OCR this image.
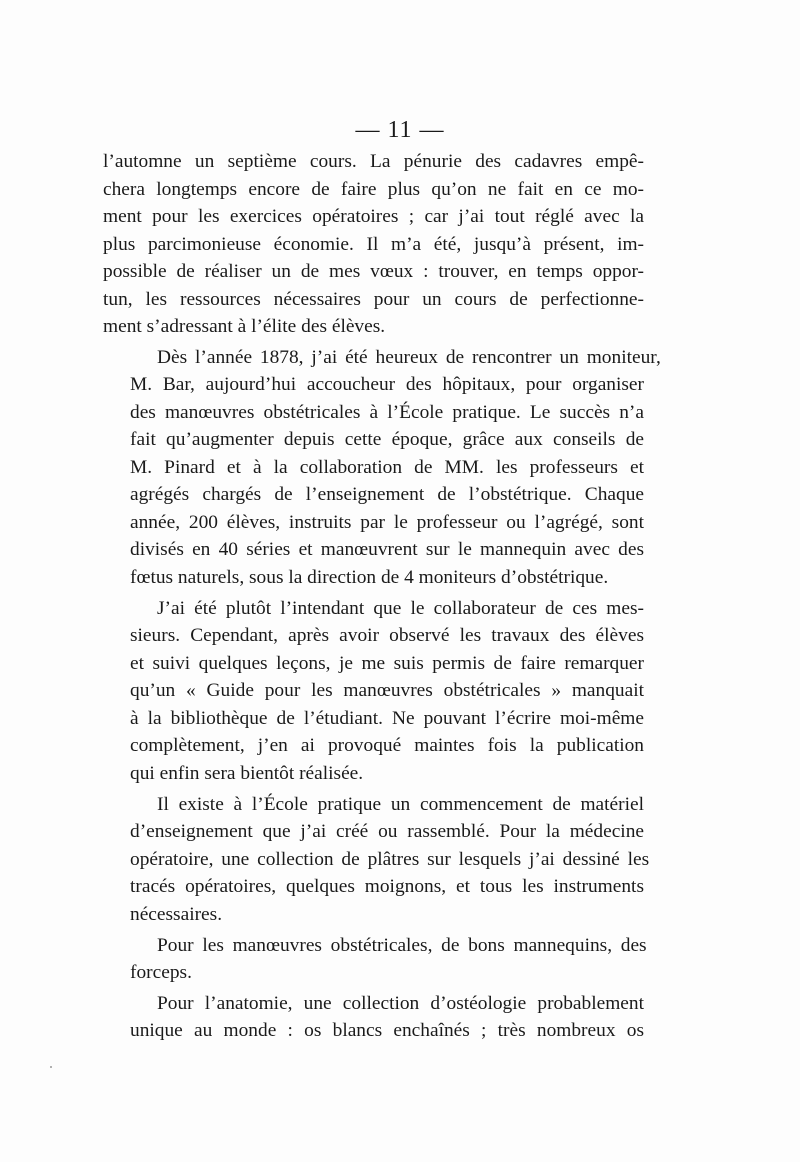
— 11 —

l’automne un septième cours. La pénurie des cadavres empê-
chera longtemps encore de faire plus qu’on ne fait en ce mo-
ment pour les exercices opératoires ; car j’ai tout réglé avec la
plus parcimonieuse économie. Il m’a été, jusqu’à présent, im-
possible de réaliser un de mes vœux : trouver, en temps oppor-
tun, les ressources nécessaires pour un cours de perfectionne-
ment s’adressant à l’élite des élèves.

Dès l’année 1878, j’ai été heureux de rencontrer un moniteur,
M. Bar, aujourd’hui accoucheur des hôpitaux, pour organiser
des manœuvres obstétricales à l’École pratique. Le succès n’a
fait qu’augmenter depuis cette époque, grâce aux conseils de
M. Pinard et à la collaboration de MM. les professeurs et
agrégés chargés de l’enseignement de l’obstétrique. Chaque
année, 200 élèves, instruits par le professeur ou l’agrégé, sont
divisés en 40 séries et manœuvrent sur le mannequin avec des
fœtus naturels, sous la direction de 4 moniteurs d’obstétrique.

J’ai été plutôt l’intendant que le collaborateur de ces mes-
sieurs. Cependant, après avoir observé les travaux des élèves
et suivi quelques leçons, je me suis permis de faire remarquer
qu’un « Guide pour les manœuvres obstétricales » manquait
à la bibliothèque de l’étudiant. Ne pouvant l’écrire moi-même
complètement, j’en ai provoqué maintes fois la publication
qui enfin sera bientôt réalisée.

Il existe à l’École pratique un commencement de matériel
d’enseignement que j’ai créé ou rassemblé. Pour la médecine
opératoire, une collection de plâtres sur lesquels j’ai dessiné les
tracés opératoires, quelques moignons, et tous les instruments
nécessaires.

Pour les manœuvres obstétricales, de bons mannequins, des
forceps.

Pour l’anatomie, une collection d’ostéologie probablement
unique au monde : os blancs enchaînés ; très nombreux os
